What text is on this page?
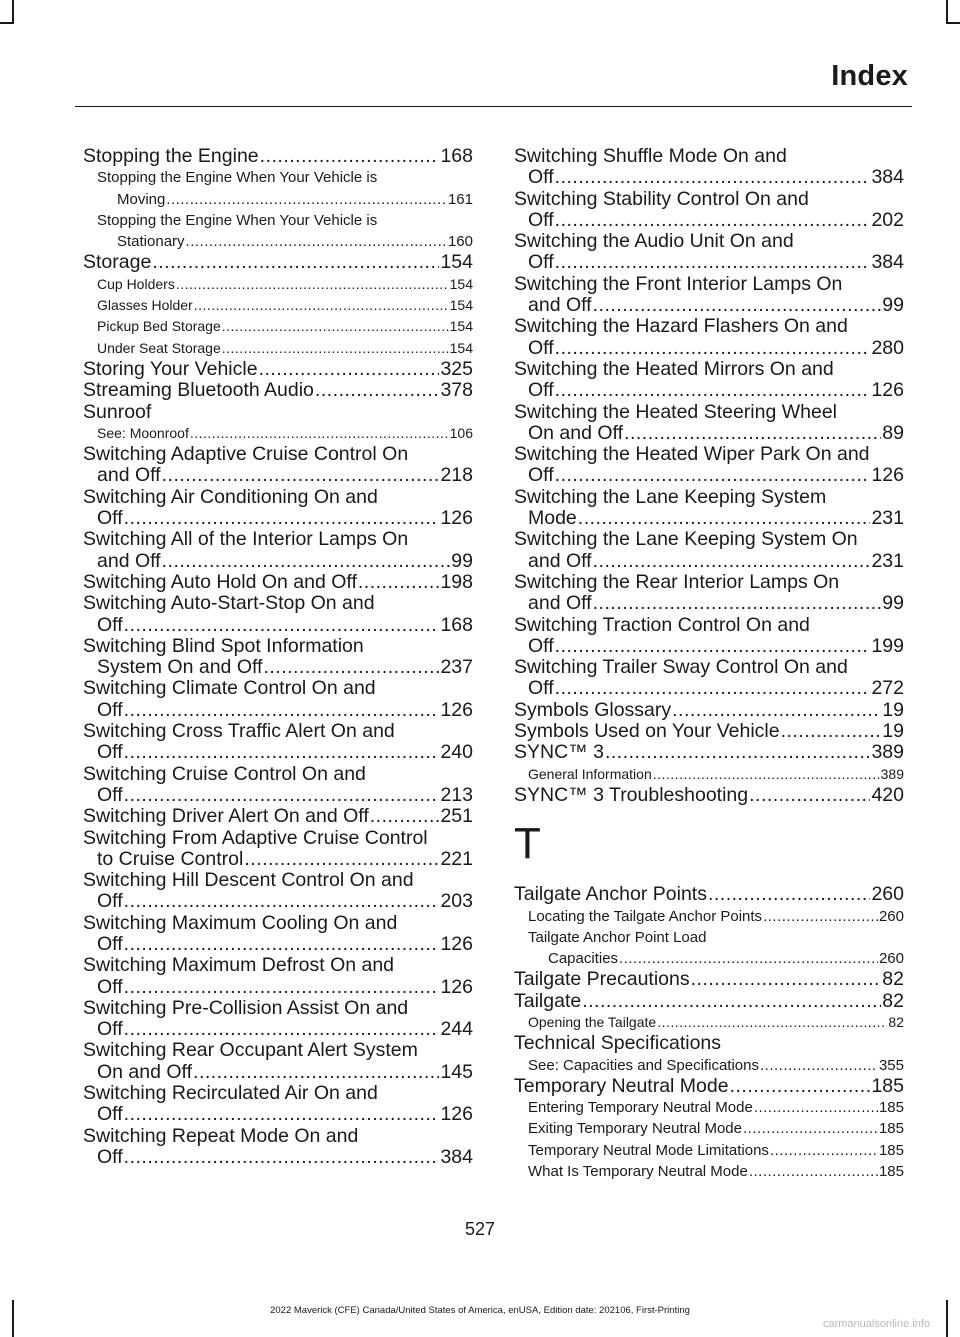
Index
Stopping the Engine .....	168
Stopping the Engine When Your Vehicle is
Moving .....	161
Stopping the Engine When Your Vehicle is
Stationary .....	160
Storage .....	154
Cup Holders .....	154
Glasses Holder .....	154
Pickup Bed Storage .....	154
Under Seat Storage .....	154
Storing Your Vehicle .....	325
Streaming Bluetooth Audio .....	378
Sunroof
See: Moonroof .....	106
Switching Adaptive Cruise Control On
and Off .....	218
Switching Air Conditioning On and
Off .....	126
Switching All of the Interior Lamps On
and Off .....	99
Switching Auto Hold On and Off .....	198
Switching Auto-Start-Stop On and
Off .....	168
Switching Blind Spot Information
System On and Off .....	237
Switching Climate Control On and
Off .....	126
Switching Cross Traffic Alert On and
Off .....	240
Switching Cruise Control On and
Off .....	213
Switching Driver Alert On and Off .....	251
Switching From Adaptive Cruise Control
to Cruise Control .....	221
Switching Hill Descent Control On and
Off .....	203
Switching Maximum Cooling On and
Off .....	126
Switching Maximum Defrost On and
Off .....	126
Switching Pre-Collision Assist On and
Off .....	244
Switching Rear Occupant Alert System
On and Off .....	145
Switching Recirculated Air On and
Off .....	126
Switching Repeat Mode On and
Off .....	384
Switching Shuffle Mode On and
Off .....	384
Switching Stability Control On and
Off .....	202
Switching the Audio Unit On and
Off .....	384
Switching the Front Interior Lamps On
and Off .....	99
Switching the Hazard Flashers On and
Off .....	280
Switching the Heated Mirrors On and
Off .....	126
Switching the Heated Steering Wheel
On and Off .....	89
Switching the Heated Wiper Park On and
Off .....	126
Switching the Lane Keeping System
Mode .....	231
Switching the Lane Keeping System On
and Off .....	231
Switching the Rear Interior Lamps On
and Off .....	99
Switching Traction Control On and
Off .....	199
Switching Trailer Sway Control On and
Off .....	272
Symbols Glossary .....	19
Symbols Used on Your Vehicle .....	19
SYNC™ 3 .....	389
General Information .....	389
SYNC™ 3 Troubleshooting .....	420
T
Tailgate Anchor Points .....	260
Locating the Tailgate Anchor Points .....	260
Tailgate Anchor Point Load
Capacities .....	260
Tailgate Precautions .....	82
Tailgate .....	82
Opening the Tailgate .....	82
Technical Specifications
See: Capacities and Specifications .....	355
Temporary Neutral Mode .....	185
Entering Temporary Neutral Mode .....	185
Exiting Temporary Neutral Mode .....	185
Temporary Neutral Mode Limitations .....	185
What Is Temporary Neutral Mode .....	185
527
2022 Maverick (CFE) Canada/United States of America, enUSA, Edition date: 202106, First-Printing
carmanualsonline.info
